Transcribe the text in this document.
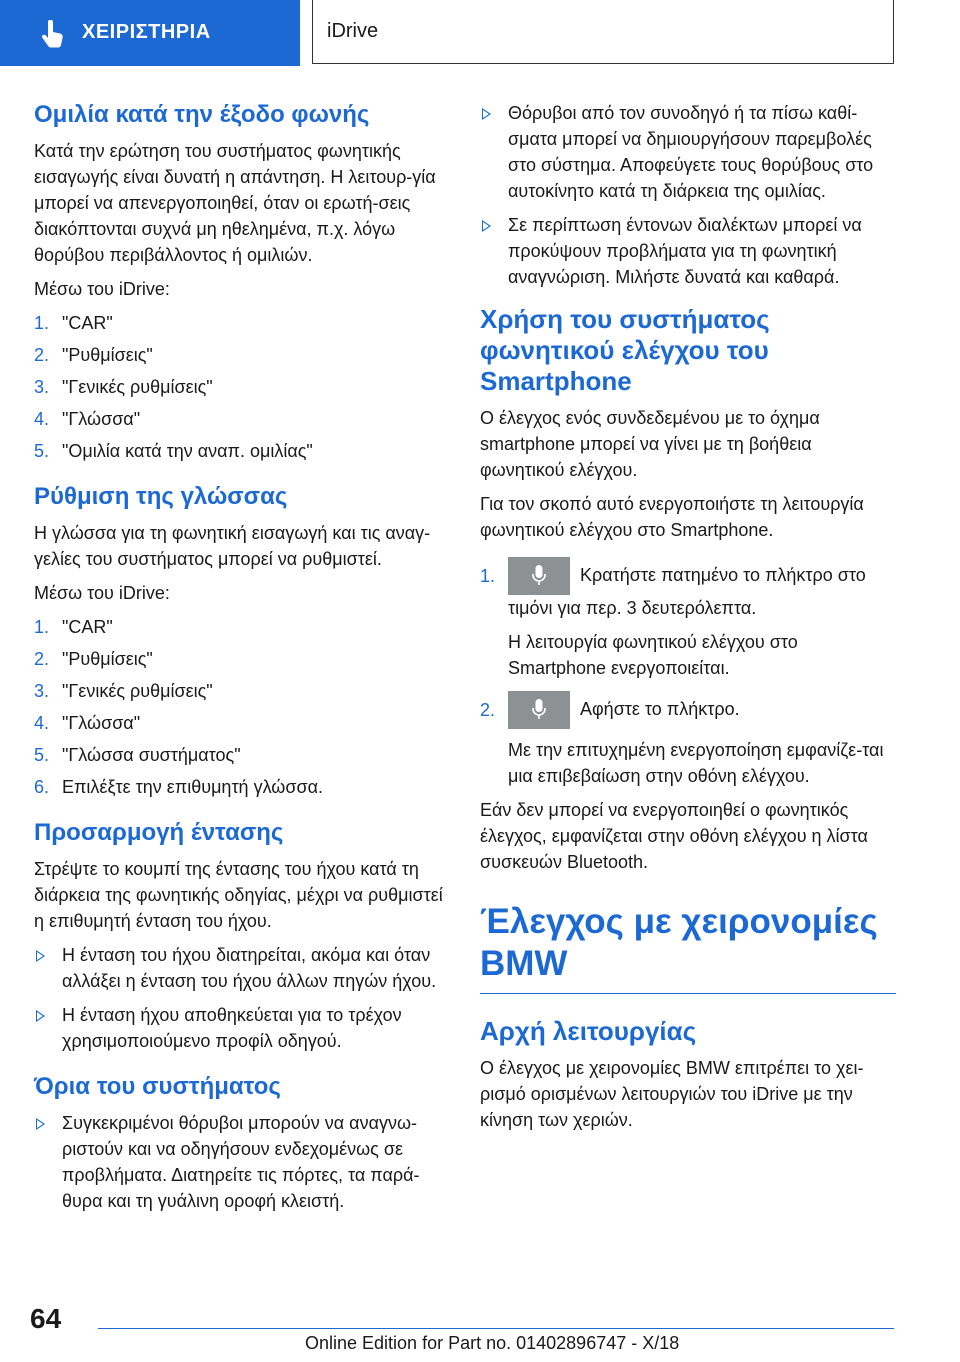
ΧΕΙΡΙΣΤΗΡΙΑ	iDrive
Ομιλία κατά την έξοδο φωνής

Κατά την ερώτηση του συστήματος φωνητικής εισαγωγής είναι δυνατή η απάντηση. Η λειτουρ-γία μπορεί να απενεργοποιηθεί, όταν οι ερωτή-σεις διακόπτονται συχνά μη ηθελημένα, π.χ. λόγω θορύβου περιβάλλοντος ή ομιλιών.

Μέσω του iDrive:

1. "CAR"
2. "Ρυθμίσεις"
3. "Γενικές ρυθμίσεις"
4. "Γλώσσα"
5. "Ομιλία κατά την αναπ. ομιλίας"
Ρύθμιση της γλώσσας

Η γλώσσα για τη φωνητική εισαγωγή και τις αναγ-γελίες του συστήματος μπορεί να ρυθμιστεί.

Μέσω του iDrive:

1. "CAR"
2. "Ρυθμίσεις"
3. "Γενικές ρυθμίσεις"
4. "Γλώσσα"
5. "Γλώσσα συστήματος"
6. Επιλέξτε την επιθυμητή γλώσσα.
Προσαρμογή έντασης

Στρέψτε το κουμπί της έντασης του ήχου κατά τη διάρκεια της φωνητικής οδηγίας, μέχρι να ρυθμιστεί η επιθυμητή ένταση του ήχου.

Η ένταση του ήχου διατηρείται, ακόμα και όταν αλλάξει η ένταση του ήχου άλλων πηγών ήχου.
Η ένταση ήχου αποθηκεύεται για το τρέχον χρησιμοποιούμενο προφίλ οδηγού.
Όρια του συστήματος
Συγκεκριμένοι θόρυβοι μπορούν να αναγνω-ριστούν και να οδηγήσουν ενδεχομένως σε προβλήματα. Διατηρείτε τις πόρτες, τα παρά-θυρα και τη γυάλινη οροφή κλειστή.
Θόρυβοι από τον συνοδηγό ή τα πίσω καθί-σματα μπορεί να δημιουργήσουν παρεμβολές στο σύστημα. Αποφεύγετε τους θορύβους στο αυτοκίνητο κατά τη διάρκεια της ομιλίας.
Σε περίπτωση έντονων διαλέκτων μπορεί να προκύψουν προβλήματα για τη φωνητική αναγνώριση. Μιλήστε δυνατά και καθαρά.
Χρήση του συστήματος φωνητικού ελέγχου του Smartphone

Ο έλεγχος ενός συνδεδεμένου με το όχημα smartphone μπορεί να γίνει με τη βοήθεια φωνητικού ελέγχου.

Για τον σκοπό αυτό ενεργοποιήστε τη λειτουργία φωνητικού ελέγχου στο Smartphone.

1.	Κρατήστε πατημένο το πλήκτρο στο τιμόνι για περ. 3 δευτερόλεπτα.

Η λειτουργία φωνητικού ελέγχου στο Smartphone ενεργοποιείται.

2.	Αφήστε το πλήκτρο.

Με την επιτυχημένη ενεργοποίηση εμφανίζε-ται μια επιβεβαίωση στην οθόνη ελέγχου.

Εάν δεν μπορεί να ενεργοποιηθεί ο φωνητικός έλεγχος, εμφανίζεται στην οθόνη ελέγχου η λίστα συσκευών Bluetooth.

Έλεγχος με χειρονομίες BMW
Αρχή λειτουργίας

Ο έλεγχος με χειρονομίες BMW επιτρέπει το χει-ρισμό ορισμένων λειτουργιών του iDrive με την κίνηση των χεριών.

64
Online Edition for Part no. 01402896747 - X/18
